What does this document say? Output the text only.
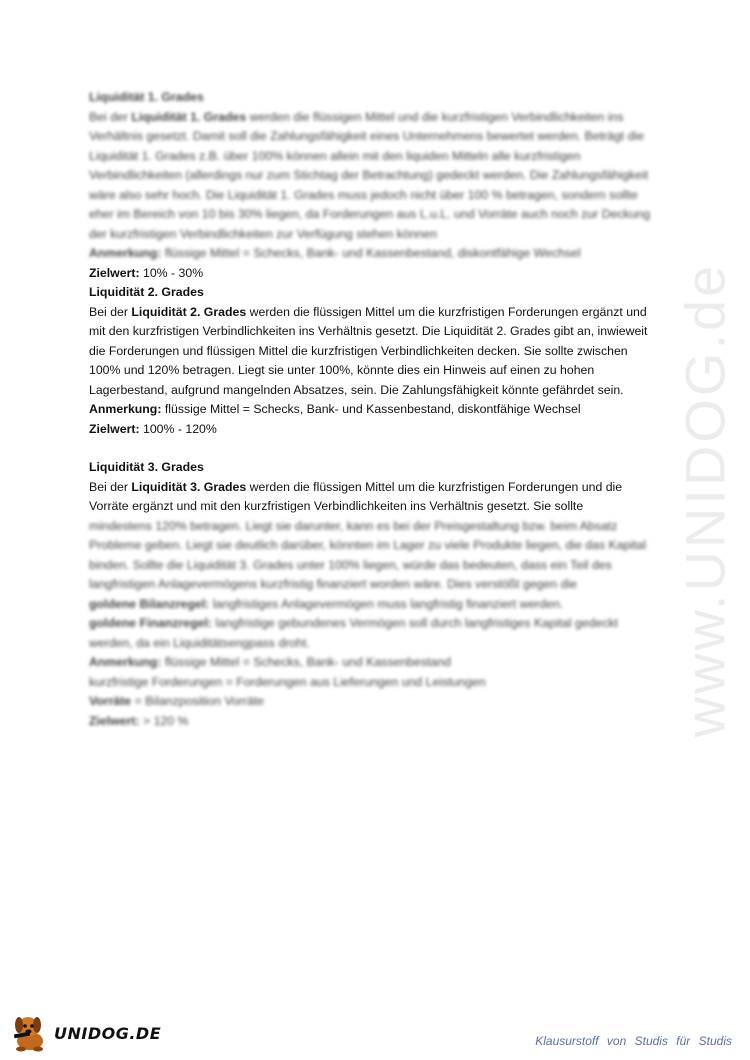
www.UNIDOG.de
Liquidität 1. Grades

Bei der Liquidität 1. Grades werden die flüssigen Mittel und die kurzfristigen Verbindlichkeiten ins Verhältnis gesetzt. Damit soll die Zahlungsfähigkeit eines Unternehmens bewertet werden. Beträgt die Liquidität 1. Grades z.B. über 100% können allein mit den liquiden Mitteln alle kurzfristigen Verbindlichkeiten (allerdings nur zum Stichtag der Betrachtung) gedeckt werden. Die Zahlungsfähigkeit wäre also sehr hoch. Die Liquidität 1. Grades muss jedoch nicht über 100 % betragen, sondern sollte eher im Bereich von 10 bis 30% liegen, da Forderungen aus L.u.L. und Vorräte auch noch zur Deckung der kurzfristigen Verbindlichkeiten zur Verfügung stehen können

Anmerkung: flüssige Mittel = Schecks, Bank- und Kassenbestand, diskontfähige Wechsel

Zielwert: 10% - 30%

Liquidität 2. Grades

Bei der Liquidität 2. Grades werden die flüssigen Mittel um die kurzfristigen Forderungen ergänzt und mit den kurzfristigen Verbindlichkeiten ins Verhältnis gesetzt. Die Liquidität 2. Grades gibt an, inwieweit die Forderungen und flüssigen Mittel die kurzfristigen Verbindlichkeiten decken. Sie sollte zwischen 100% und 120% betragen. Liegt sie unter 100%, könnte dies ein Hinweis auf einen zu hohen Lagerbestand, aufgrund mangelnden Absatzes, sein. Die Zahlungsfähigkeit könnte gefährdet sein.

Anmerkung: flüssige Mittel = Schecks, Bank- und Kassenbestand, diskontfähige Wechsel

Zielwert: 100% - 120%

Liquidität 3. Grades

Bei der Liquidität 3. Grades werden die flüssigen Mittel um die kurzfristigen Forderungen und die Vorräte ergänzt und mit den kurzfristigen Verbindlichkeiten ins Verhältnis gesetzt. Sie sollte

mindestens 120% betragen. Liegt sie darunter, kann es bei der Preisgestaltung bzw. beim Absatz Probleme geben. Liegt sie deutlich darüber, könnten im Lager zu viele Produkte liegen, die das Kapital binden. Sollte die Liquidität 3. Grades unter 100% liegen, würde das bedeuten, dass ein Teil des langfristigen Anlagevermögens kurzfristig finanziert worden wäre. Dies verstößt gegen die

goldene Bilanzregel: langfristiges Anlagevermögen muss langfristig finanziert werden.

goldene Finanzregel: langfristige gebundenes Vermögen soll durch langfristiges Kapital gedeckt werden, da ein Liquiditätsengpass droht.

Anmerkung: flüssige Mittel = Schecks, Bank- und Kassenbestand

kurzfristige Forderungen = Forderungen aus Lieferungen und Leistungen

Vorräte = Bilanzposition Vorräte

Zielwert: > 120 %

UNIDOG.DE	Klausurstoff von Studis für Studis
